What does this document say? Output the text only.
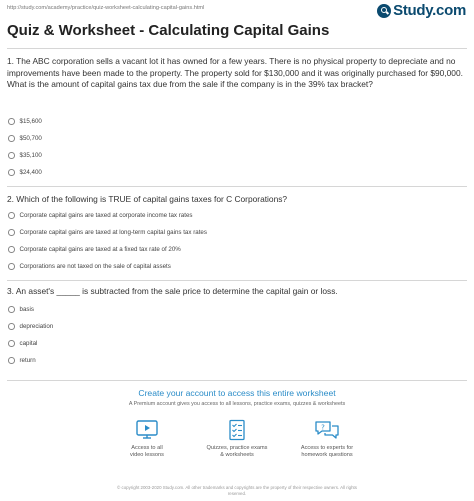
http://study.com/academy/practice/quiz-worksheet-calculating-capital-gains.html	Study.com
Quiz & Worksheet - Calculating Capital Gains
1. The ABC corporation sells a vacant lot it has owned for a few years. There is no physical property to depreciate and no improvements have been made to the property. The property sold for $130,000 and it was originally purchased for $90,000. What is the amount of capital gains tax due from the sale if the company is in the 39% tax bracket?
$15,600
$50,700
$35,100
$24,400
2. Which of the following is TRUE of capital gains taxes for C Corporations?
Corporate capital gains are taxed at corporate income tax rates
Corporate capital gains are taxed at long-term capital gains tax rates
Corporate capital gains are taxed at a fixed tax rate of 20%
Corporations are not taxed on the sale of capital assets
3. An asset's _____ is subtracted from the sale price to determine the capital gain or loss.
basis
depreciation
capital
return
Create your account to access this entire worksheet
A Premium account gives you access to all lessons, practice exams, quizzes & worksheets
Access to all
video lessons
Quizzes, practice exams
& worksheets
?
Access to experts for
homework questions
© copyright 2003-2020 Study.com. All other trademarks and copyrights are the property of their respective owners. All rights
reserved.
